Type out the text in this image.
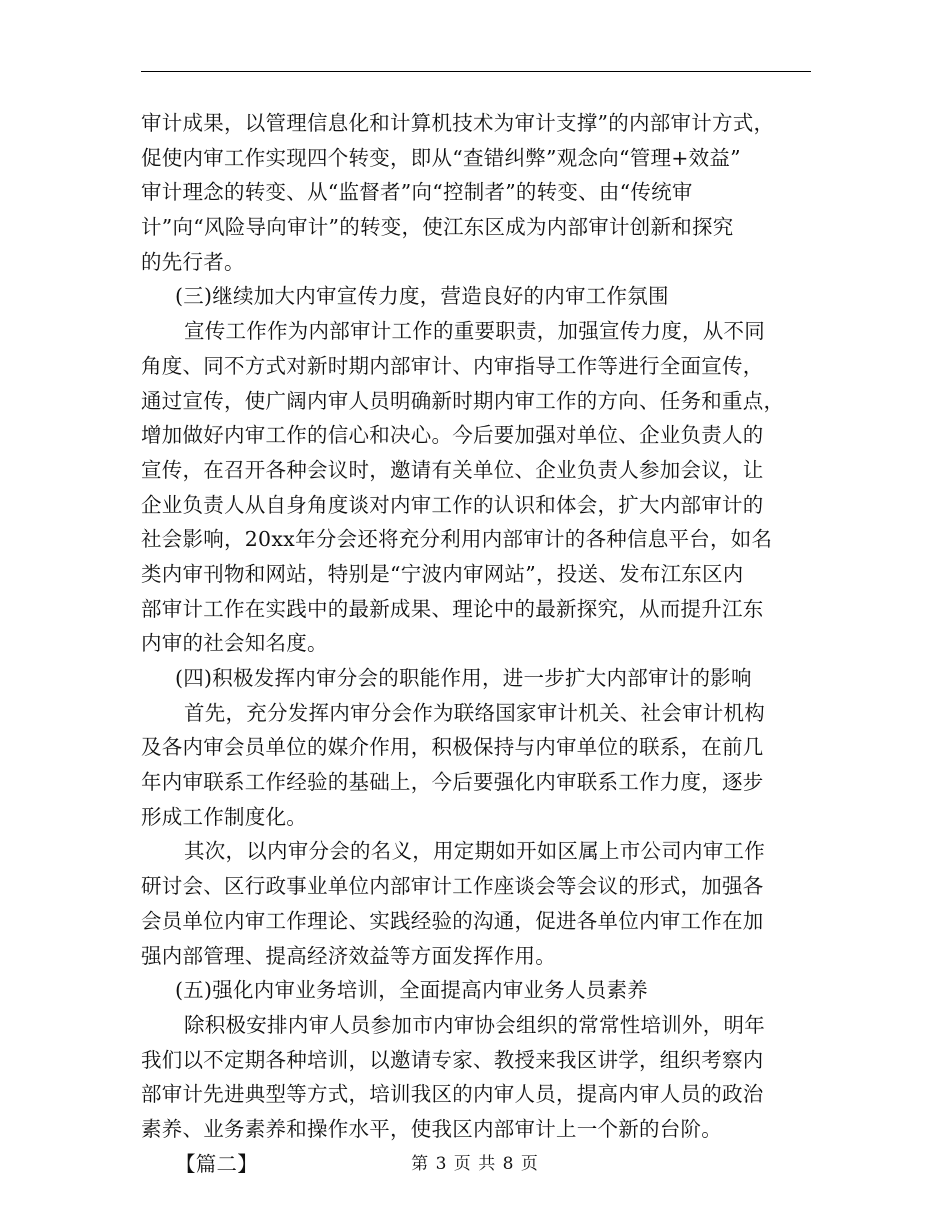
审计成果，以管理信息化和计算机技术为审计支撑”的内部审计方式，
促使内审工作实现四个转变，即从“查错纠弊”观念向“管理+效益”
审计理念的转变、从“监督者”向“控制者”的转变、由“传统审
计”向“风险导向审计”的转变，使江东区成为内部审计创新和探究
的先行者。
(三)继续加大内审宣传力度，营造良好的内审工作氛围
宣传工作作为内部审计工作的重要职责，加强宣传力度，从不同
角度、同不方式对新时期内部审计、内审指导工作等进行全面宣传，
通过宣传，使广阔内审人员明确新时期内审工作的方向、任务和重点，
增加做好内审工作的信心和决心。今后要加强对单位、企业负责人的
宣传，在召开各种会议时，邀请有关单位、企业负责人参加会议，让
企业负责人从自身角度谈对内审工作的认识和体会，扩大内部审计的
社会影响，20xx年分会还将充分利用内部审计的各种信息平台，如名
类内审刊物和网站，特别是“宁波内审网站”，投送、发布江东区内
部审计工作在实践中的最新成果、理论中的最新探究，从而提升江东
内审的社会知名度。
(四)积极发挥内审分会的职能作用，进一步扩大内部审计的影响
首先，充分发挥内审分会作为联络国家审计机关、社会审计机构
及各内审会员单位的媒介作用，积极保持与内审单位的联系，在前几
年内审联系工作经验的基础上，今后要强化内审联系工作力度，逐步
形成工作制度化。
其次，以内审分会的名义，用定期如开如区属上市公司内审工作
研讨会、区行政事业单位内部审计工作座谈会等会议的形式，加强各
会员单位内审工作理论、实践经验的沟通，促进各单位内审工作在加
强内部管理、提高经济效益等方面发挥作用。
(五)强化内审业务培训，全面提高内审业务人员素养
除积极安排内审人员参加市内审协会组织的常常性培训外，明年
我们以不定期各种培训，以邀请专家、教授来我区讲学，组织考察内
部审计先进典型等方式，培训我区的内审人员，提高内审人员的政治
素养、业务素养和操作水平，使我区内部审计上一个新的台阶。
【篇二】	第 3 页 共 8 页
